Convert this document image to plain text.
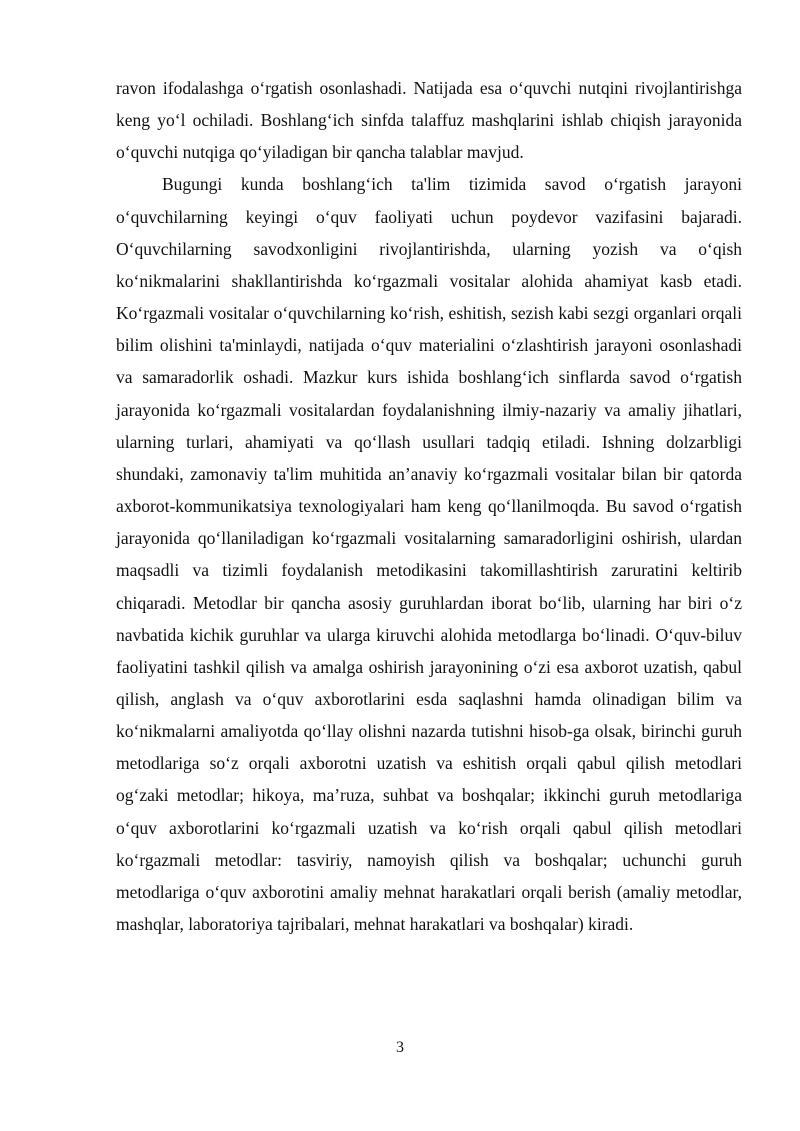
ravon ifodalashga o‘rgatish osonlashadi. Natijada esa o‘quvchi nutqini rivojlantirishga keng yo‘l ochiladi. Boshlang‘ich sinfda talaffuz mashqlarini ishlab chiqish jarayonida o‘quvchi nutqiga qo‘yiladigan bir qancha talablar mavjud.

Bugungi kunda boshlang‘ich ta'lim tizimida savod o‘rgatish jarayoni o‘quvchilarning keyingi o‘quv faoliyati uchun poydevor vazifasini bajaradi. O‘quvchilarning savodxonligini rivojlantirishda, ularning yozish va o‘qish ko‘nikmalarini shakllantirishda ko‘rgazmali vositalar alohida ahamiyat kasb etadi. Ko‘rgazmali vositalar o‘quvchilarning ko‘rish, eshitish, sezish kabi sezgi organlari orqali bilim olishini ta'minlaydi, natijada o‘quv materialini o‘zlashtirish jarayoni osonlashadi va samaradorlik oshadi. Mazkur kurs ishida boshlang‘ich sinflarda savod o‘rgatish jarayonida ko‘rgazmali vositalardan foydalanishning ilmiy-nazariy va amaliy jihatlari, ularning turlari, ahamiyati va qo‘llash usullari tadqiq etiladi. Ishning dolzarbligi shundaki, zamonaviy ta'lim muhitida an’anaviy ko‘rgazmali vositalar bilan bir qatorda axborot-kommunikatsiya texnologiyalari ham keng qo‘llanilmoqda. Bu savod o‘rgatish jarayonida qo‘llaniladigan ko‘rgazmali vositalarning samaradorligini oshirish, ulardan maqsadli va tizimli foydalanish metodikasini takomillashtirish zaruratini keltirib chiqaradi. Metodlar bir qancha asosiy guruhlardan iborat bo‘lib, ularning har biri o‘z navbatida kichik guruhlar va ularga kiruvchi alohida metodlarga bo‘linadi. O‘quv-biluv faoliyatini tashkil qilish va amalga oshirish jarayonining o‘zi esa axborot uzatish, qabul qilish, anglash va o‘quv axborotlarini esda saqlashni hamda olinadigan bilim va ko‘nikmalarni amaliyotda qo‘llay olishni nazarda tutishni hisob-ga olsak, birinchi guruh metodlariga so‘z orqali axborotni uzatish va eshitish orqali qabul qilish metodlari og‘zaki metodlar; hikoya, ma’ruza, suhbat va boshqalar; ikkinchi guruh metodlariga o‘quv axborotlarini ko‘rgazmali uzatish va ko‘rish orqali qabul qilish metodlari ko‘rgazmali metodlar: tasviriy, namoyish qilish va boshqalar; uchunchi guruh metodlariga o‘quv axborotini amaliy mehnat harakatlari orqali berish (amaliy metodlar, mashqlar, laboratoriya tajribalari, mehnat harakatlari va boshqalar) kiradi.

3
